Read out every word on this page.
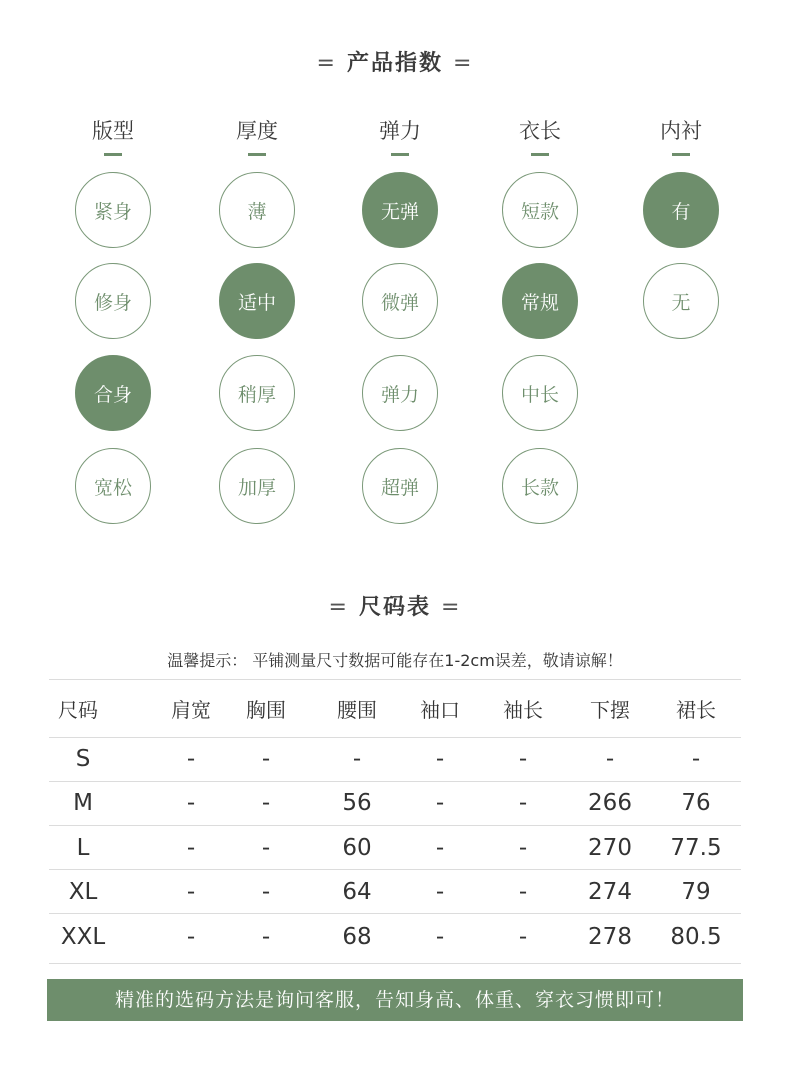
= 产品指数 =
版型
紧身
修身
合身
宽松
厚度
薄
适中
稍厚
加厚
弹力
无弹
微弹
弹力
超弹
衣长
短款
常规
中长
长款
内衬
有
无
= 尺码表 =
温馨提示： 平铺测量尺寸数据可能存在1-2cm误差，敬请谅解！
尺码	肩宽	胸围	腰围	袖口	袖长	下摆	裙长
S	-	-	-	-	-	-	-
M	-	-	56	-	-	266	76
L	-	-	60	-	-	270	77.5
XL	-	-	64	-	-	274	79
XXL	-	-	68	-	-	278	80.5
精准的选码方法是询问客服，告知身高、体重、穿衣习惯即可！
